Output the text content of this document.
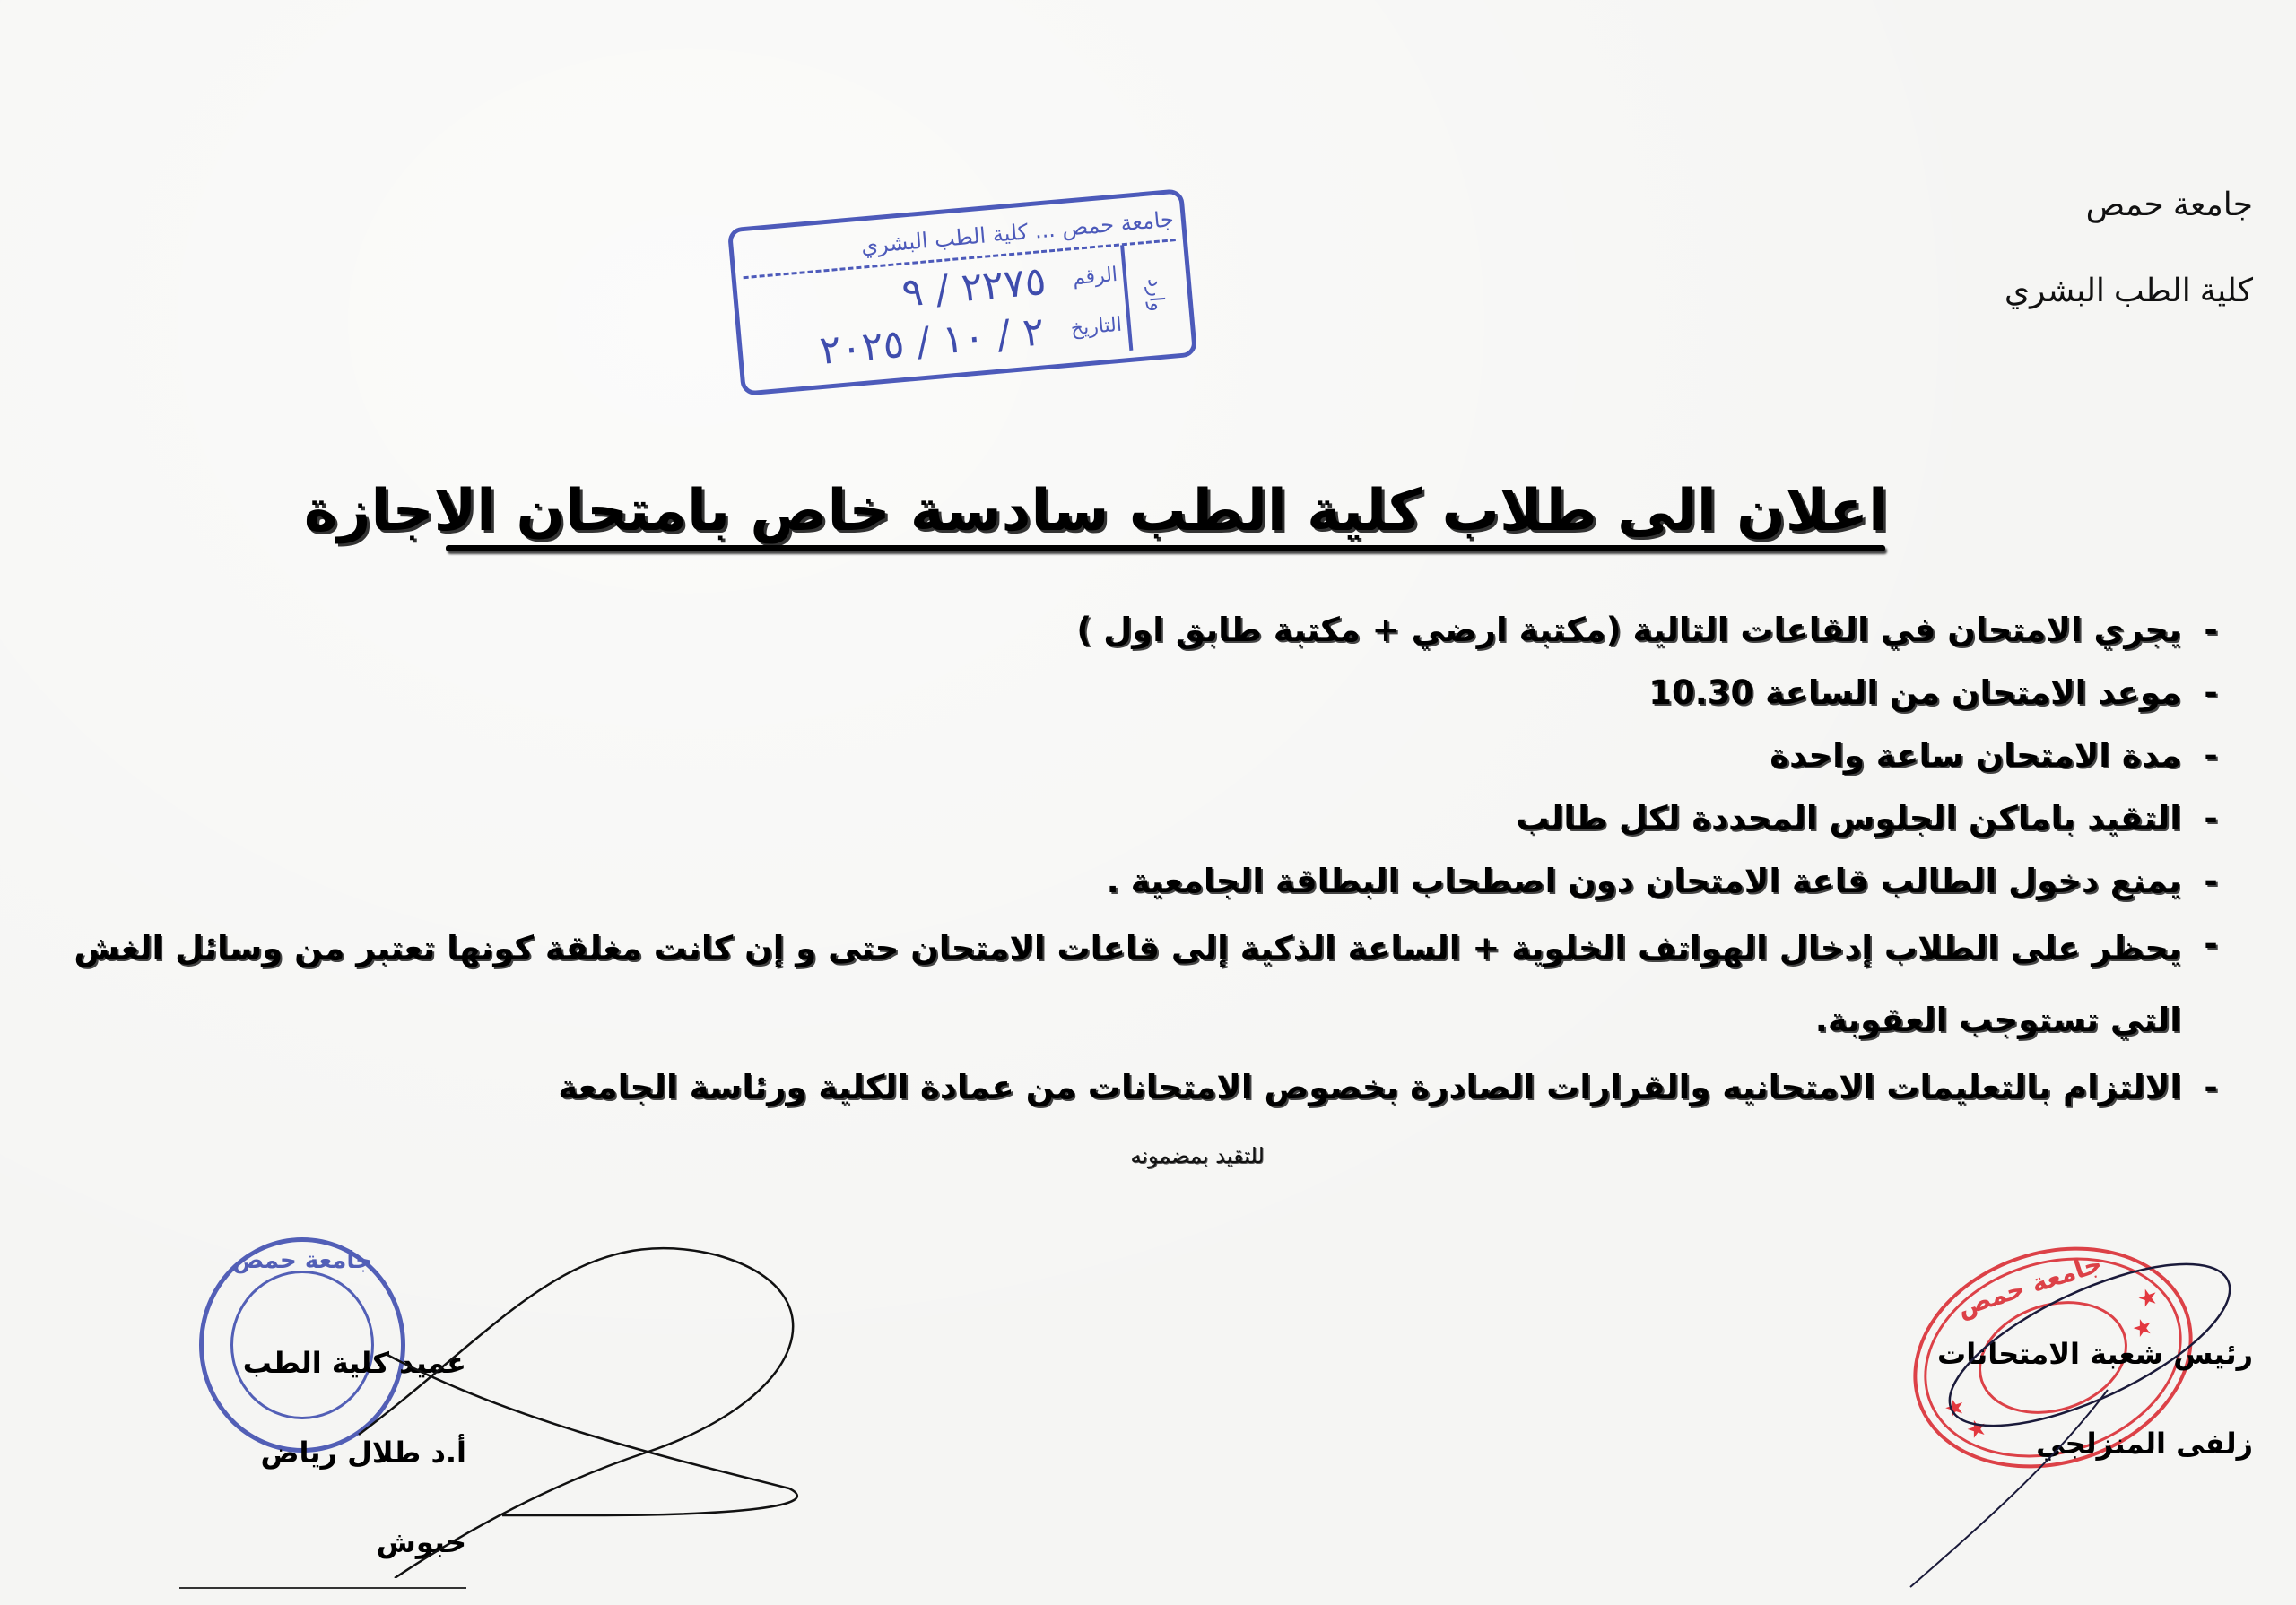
جامعة حمص
كلية الطب البشري
جامعة حمص ... كلية الطب البشري
وارد
الرقم
٢٢٧٥ / ٩
التاريخ
٢ / ١٠ / ٢٠٢٥
اعلان الى طلاب كلية الطب سادسة خاص بامتحان الاجازة
-
يجري الامتحان في القاعات التالية (مكتبة ارضي + مكتبة طابق اول )
-
موعد الامتحان من الساعة 10.30
-
مدة الامتحان ساعة واحدة
-
التقيد باماكن الجلوس المحددة لكل طالب
-
يمنع دخول الطالب قاعة الامتحان دون اصطحاب البطاقة الجامعية .
-
يحظر على الطلاب إدخال الهواتف الخلوية + الساعة الذكية إلى قاعات الامتحان حتى و إن كانت مغلقة كونها تعتبر من وسائل الغش التي تستوجب العقوبة.
-
الالتزام بالتعليمات الامتحانيه والقرارات الصادرة بخصوص الامتحانات من عمادة الكلية ورئاسة الجامعة
للتقيد بمضمونه
جامعة حمص
عميد كلية الطب
أ.د طلال رياض حبوش
جامعة حمص	★
★
★
★
رئيس شعبة الامتحانات
زلفى المنزلجي
